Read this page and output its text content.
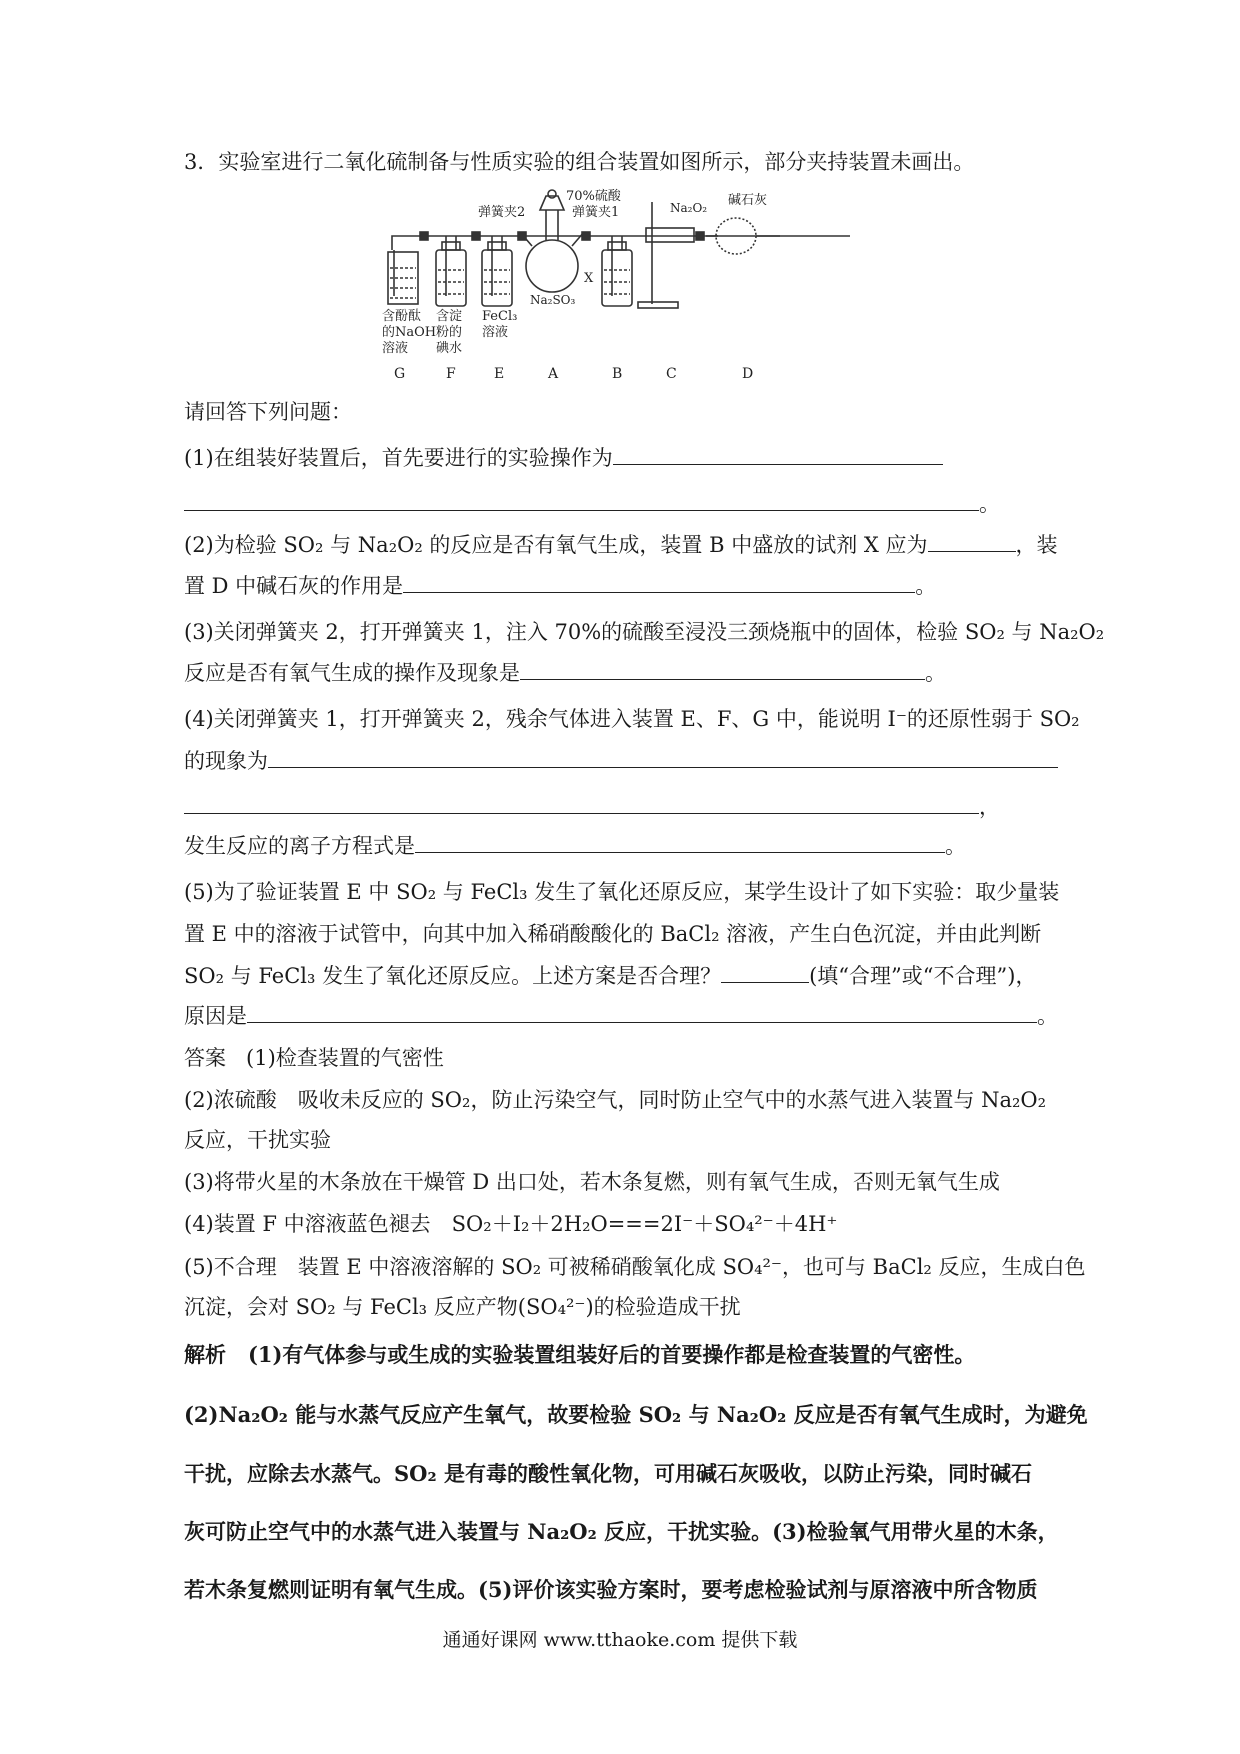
3．实验室进行二氧化硫制备与性质实验的组合装置如图所示，部分夹持装置未画出。
70%硫酸
弹簧夹1
弹簧夹2	Na₂O₂ 碱石灰
Na₂SO₃
X
含酚酞
的NaOH
溶液
含淀
粉的
碘水
FeCl₃
溶液
G	F	E	A	B	C	D
请回答下列问题：
(1)在组装好装置后，首先要进行的实验操作为
。
(2)为检验 SO₂ 与 Na₂O₂ 的反应是否有氧气生成，装置 B 中盛放的试剂 X 应为	，装
置 D 中碱石灰的作用是	。
(3)关闭弹簧夹 2，打开弹簧夹 1，注入 70%的硫酸至浸没三颈烧瓶中的固体，检验 SO₂ 与 Na₂O₂
反应是否有氧气生成的操作及现象是	。
(4)关闭弹簧夹 1，打开弹簧夹 2，残余气体进入装置 E、F、G 中，能说明 I⁻的还原性弱于 SO₂
的现象为
，
发生反应的离子方程式是	。
(5)为了验证装置 E 中 SO₂ 与 FeCl₃ 发生了氧化还原反应，某学生设计了如下实验：取少量装
置 E 中的溶液于试管中，向其中加入稀硝酸酸化的 BaCl₂ 溶液，产生白色沉淀，并由此判断
SO₂ 与 FeCl₃ 发生了氧化还原反应。上述方案是否合理？	(填“合理”或“不合理”)，
原因是	。
答案 (1)检查装置的气密性
(2)浓硫酸　吸收未反应的 SO₂，防止污染空气，同时防止空气中的水蒸气进入装置与 Na₂O₂
反应，干扰实验
(3)将带火星的木条放在干燥管 D 出口处，若木条复燃，则有氧气生成，否则无氧气生成
(4)装置 F 中溶液蓝色褪去　SO₂＋I₂＋2H₂O===2I⁻＋SO₄²⁻＋4H⁺
(5)不合理　装置 E 中溶液溶解的 SO₂ 可被稀硝酸氧化成 SO₄²⁻，也可与 BaCl₂ 反应，生成白色
沉淀，会对 SO₂ 与 FeCl₃ 反应产物(SO₄²⁻)的检验造成干扰
解析 (1)有气体参与或生成的实验装置组装好后的首要操作都是检查装置的气密性。
(2)Na₂O₂ 能与水蒸气反应产生氧气，故要检验 SO₂ 与 Na₂O₂ 反应是否有氧气生成时，为避免
干扰，应除去水蒸气。SO₂ 是有毒的酸性氧化物，可用碱石灰吸收，以防止污染，同时碱石
灰可防止空气中的水蒸气进入装置与 Na₂O₂ 反应，干扰实验。(3)检验氧气用带火星的木条，
若木条复燃则证明有氧气生成。(5)评价该实验方案时，要考虑检验试剂与原溶液中所含物质
通通好课网 www.tthaoke.com 提供下载
